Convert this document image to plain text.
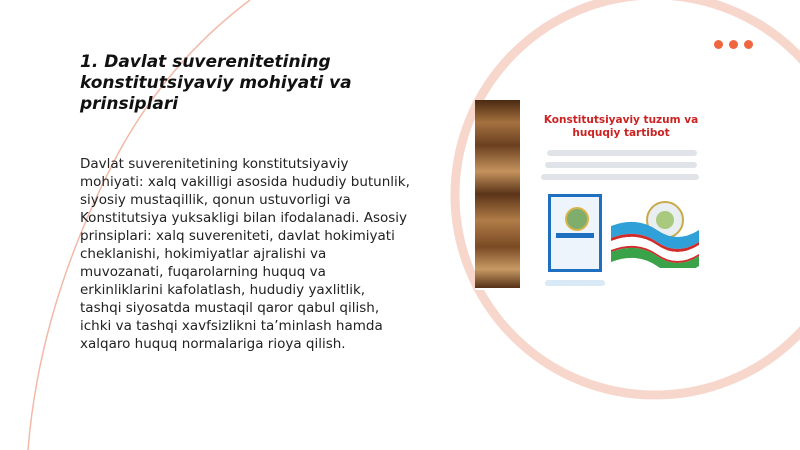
1. Davlat suverenitetining konstitutsiyaviy mohiyati va prinsiplari

Davlat suverenitetining konstitutsiyaviy mohiyati: xalq vakilligi asosida hududiy butunlik, siyosiy mustaqillik, qonun ustuvorligi va Konstitutsiya yuksakligi bilan ifodalanadi. Asosiy prinsiplari: xalq suvereniteti, davlat hokimiyati cheklanishi, hokimiyatlar ajralishi va muvozanati, fuqarolarning huquq va erkinliklarini kafolatlash, hududiy yaxlitlik, tashqi siyosatda mustaqil qaror qabul qilish, ichki va tashqi xavfsizlikni ta’minlash hamda xalqaro huquq normalariga rioya qilish.

Konstitutsiyaviy tuzum va huquqiy tartibot
